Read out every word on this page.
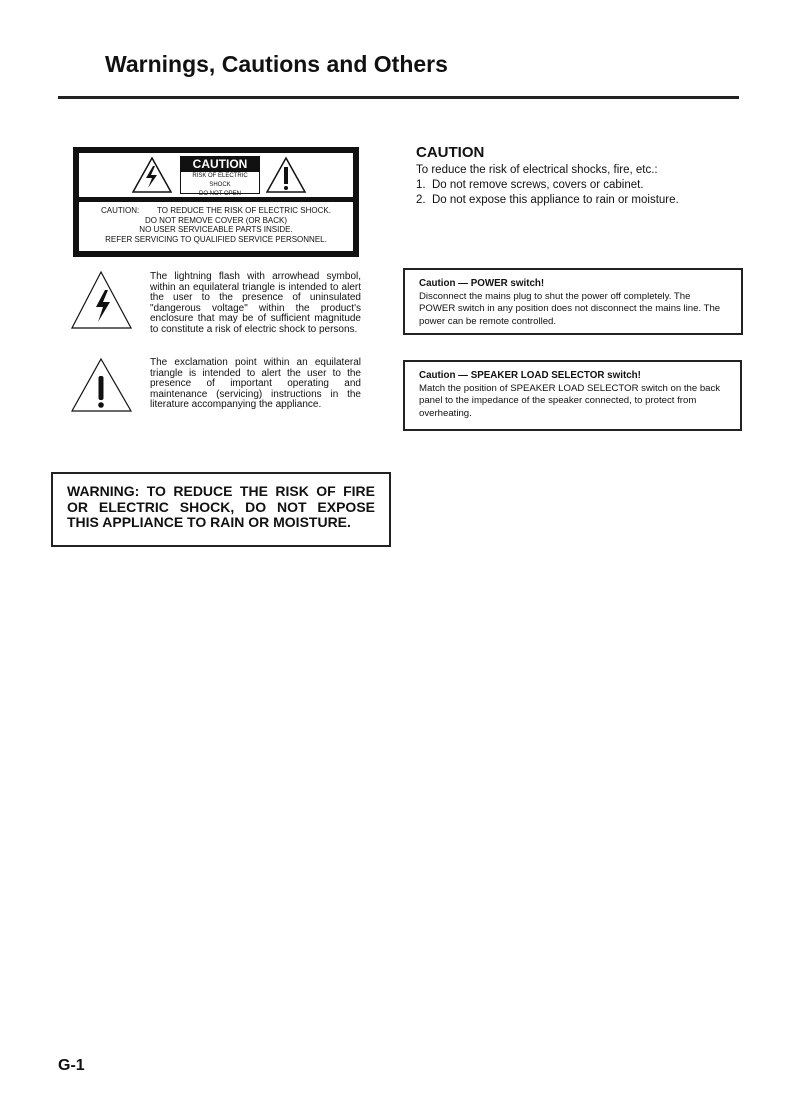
Warnings, Cautions and Others
CAUTION
RISK OF ELECTRIC SHOCK
DO NOT OPEN
CAUTION:        TO REDUCE THE RISK OF ELECTRIC SHOCK.
DO NOT REMOVE COVER (OR BACK)
NO USER SERVICEABLE PARTS INSIDE.
REFER SERVICING TO QUALIFIED SERVICE PERSONNEL.
The lightning flash with arrowhead symbol, within an equilateral triangle is intended to alert the user to the presence of uninsulated "dangerous voltage" within the product's enclosure that may be of sufficient magnitude to constitute a risk of electric shock to persons.
The exclamation point within an equilateral triangle is intended to alert the user to the presence of important operating and maintenance (servicing) instructions in the literature accompanying the appliance.
CAUTION
To reduce the risk of electrical shocks, fire, etc.:
1.  Do not remove screws, covers or cabinet.
2.  Do not expose this appliance to rain or moisture.
Caution — POWER switch!
Disconnect the mains plug to shut the power off completely. The POWER switch in any position does not disconnect the mains line. The power can be remote controlled.
Caution — SPEAKER LOAD SELECTOR switch!
Match the position of SPEAKER LOAD SELECTOR switch on the back panel to the impedance of the speaker connected, to protect from overheating.
WARNING: TO REDUCE THE RISK OF FIRE OR ELECTRIC SHOCK, DO NOT EXPOSE THIS APPLIANCE TO RAIN OR MOISTURE.
G-1
